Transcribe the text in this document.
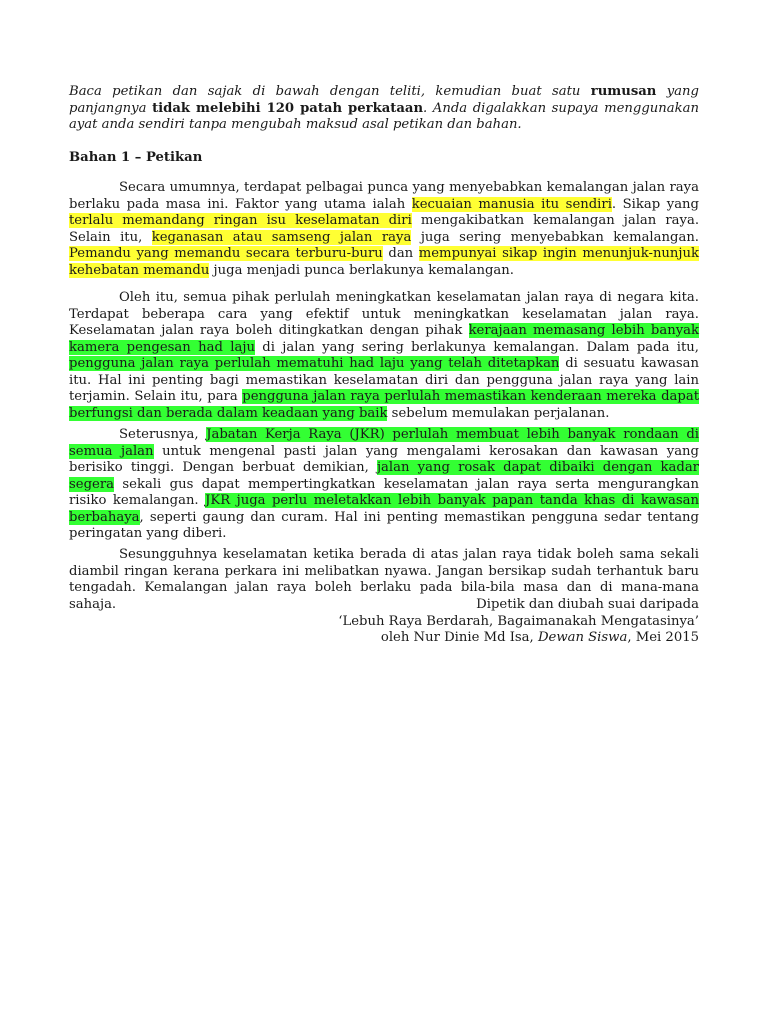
Baca petikan dan sajak di bawah dengan teliti, kemudian buat satu rumusan yang panjangnya tidak melebihi 120 patah perkataan. Anda digalakkan supaya menggunakan ayat anda sendiri tanpa mengubah maksud asal petikan dan bahan.

Bahan 1 – Petikan

Secara umumnya, terdapat pelbagai punca yang menyebabkan kemalangan jalan raya berlaku pada masa ini. Faktor yang utama ialah kecuaian manusia itu sendiri. Sikap yang terlalu memandang ringan isu keselamatan diri mengakibatkan kemalangan jalan raya. Selain itu, keganasan atau samseng jalan raya juga sering menyebabkan kemalangan. Pemandu yang memandu secara terburu-buru dan mempunyai sikap ingin menunjuk-nunjuk kehebatan memandu juga menjadi punca berlakunya kemalangan.

Oleh itu, semua pihak perlulah meningkatkan keselamatan jalan raya di negara kita. Terdapat beberapa cara yang efektif untuk meningkatkan keselamatan jalan raya. Keselamatan jalan raya boleh ditingkatkan dengan pihak kerajaan memasang lebih banyak kamera pengesan had laju di jalan yang sering berlakunya kemalangan. Dalam pada itu, pengguna jalan raya perlulah mematuhi had laju yang telah ditetapkan di sesuatu kawasan itu. Hal ini penting bagi memastikan keselamatan diri dan pengguna jalan raya yang lain terjamin. Selain itu, para pengguna jalan raya perlulah memastikan kenderaan mereka dapat berfungsi dan berada dalam keadaan yang baik sebelum memulakan perjalanan.

Seterusnya, Jabatan Kerja Raya (JKR) perlulah membuat lebih banyak rondaan di semua jalan untuk mengenal pasti jalan yang mengalami kerosakan dan kawasan yang berisiko tinggi. Dengan berbuat demikian, jalan yang rosak dapat dibaiki dengan kadar segera sekali gus dapat mempertingkatkan keselamatan jalan raya serta mengurangkan risiko kemalangan. JKR juga perlu meletakkan lebih banyak papan tanda khas di kawasan berbahaya, seperti gaung dan curam. Hal ini penting memastikan pengguna sedar tentang peringatan yang diberi.

Sesungguhnya keselamatan ketika berada di atas jalan raya tidak boleh sama sekali diambil ringan kerana perkara ini melibatkan nyawa. Jangan bersikap sudah terhantuk baru tengadah. Kemalangan jalan raya boleh berlaku pada bila-bila masa dan di mana-mana sahaja.	Dipetik dan diubah suai daripada
‘Lebuh Raya Berdarah, Bagaimanakah Mengatasinya’
oleh Nur Dinie Md Isa, Dewan Siswa, Mei 2015
